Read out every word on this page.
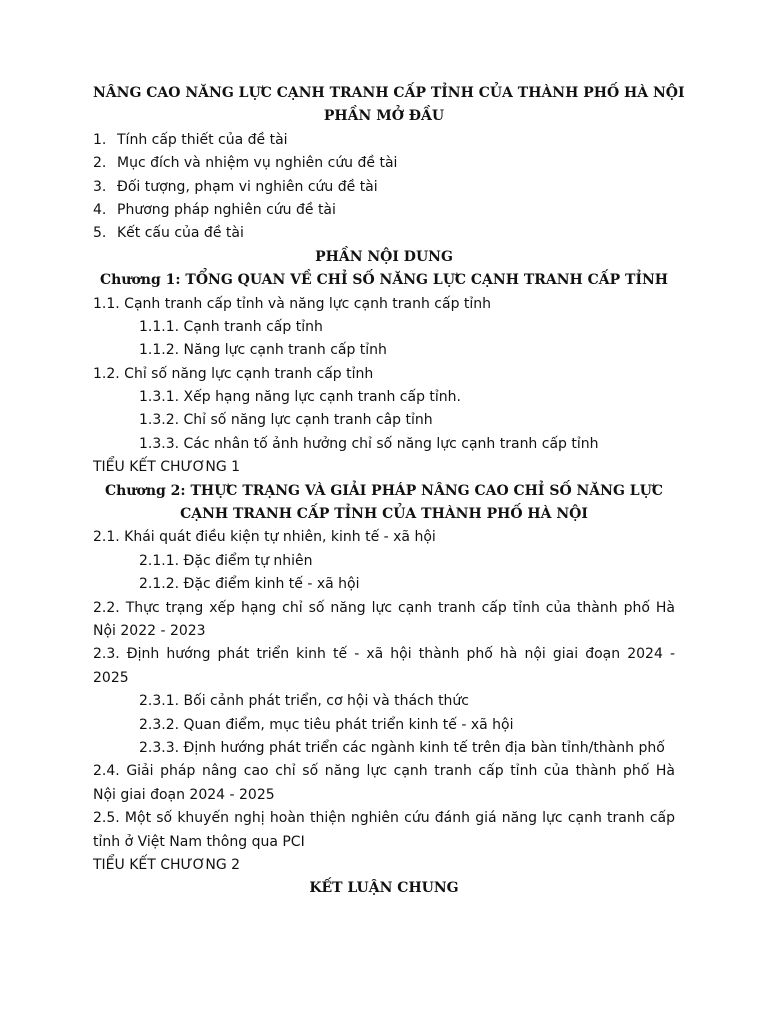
NÂNG CAO NĂNG LỰC CẠNH TRANH CẤP TỈNH CỦA THÀNH PHỐ HÀ NỘI
PHẦN MỞ ĐẦU
1. Tính cấp thiết của đề tài
2. Mục đích và nhiệm vụ nghiên cứu đề tài
3. Đối tượng, phạm vi nghiên cứu đề tài
4. Phương pháp nghiên cứu đề tài
5. Kết cấu của đề tài
PHẦN NỘI DUNG
Chương 1: TỔNG QUAN VỀ CHỈ SỐ NĂNG LỰC CẠNH TRANH CẤP TỈNH
1.1. Cạnh tranh cấp tỉnh và năng lực cạnh tranh cấp tỉnh
1.1.1. Cạnh tranh cấp tỉnh
1.1.2. Năng lực cạnh tranh cấp tỉnh
1.2. Chỉ số năng lực cạnh tranh cấp tỉnh
1.3.1. Xếp hạng năng lực cạnh tranh cấp tỉnh.
1.3.2. Chỉ số năng lực cạnh tranh câp tỉnh
1.3.3. Các nhân tố ảnh hưởng chỉ số năng lực cạnh tranh cấp tỉnh
TIỂU KẾT CHƯƠNG 1
Chương 2: THỰC TRẠNG VÀ GIẢI PHÁP NÂNG CAO CHỈ SỐ NĂNG LỰC
CẠNH TRANH CẤP TỈNH CỦA THÀNH PHỐ HÀ NỘI
2.1. Khái quát điều kiện tự nhiên, kinh tế - xã hội
2.1.1. Đặc điểm tự nhiên
2.1.2. Đặc điểm kinh tế - xã hội
2.2. Thực trạng xếp hạng chỉ số năng lực cạnh tranh cấp tỉnh của thành phố Hà
Nội 2022 - 2023
2.3. Định hướng phát triển kinh tế - xã hội thành phố hà nội giai đoạn 2024 -
2025
2.3.1. Bối cảnh phát triển, cơ hội và thách thức
2.3.2. Quan điểm, mục tiêu phát triển kinh tế - xã hội
2.3.3. Định hướng phát triển các ngành kinh tế trên địa bàn tỉnh/thành phố
2.4. Giải pháp nâng cao chỉ số năng lực cạnh tranh cấp tỉnh của thành phố Hà
Nội giai đoạn 2024 - 2025
2.5. Một số khuyến nghị hoàn thiện nghiên cứu đánh giá năng lực cạnh tranh cấp
tỉnh ở Việt Nam thông qua PCI
TIỂU KẾT CHƯƠNG 2
KẾT LUẬN CHUNG
